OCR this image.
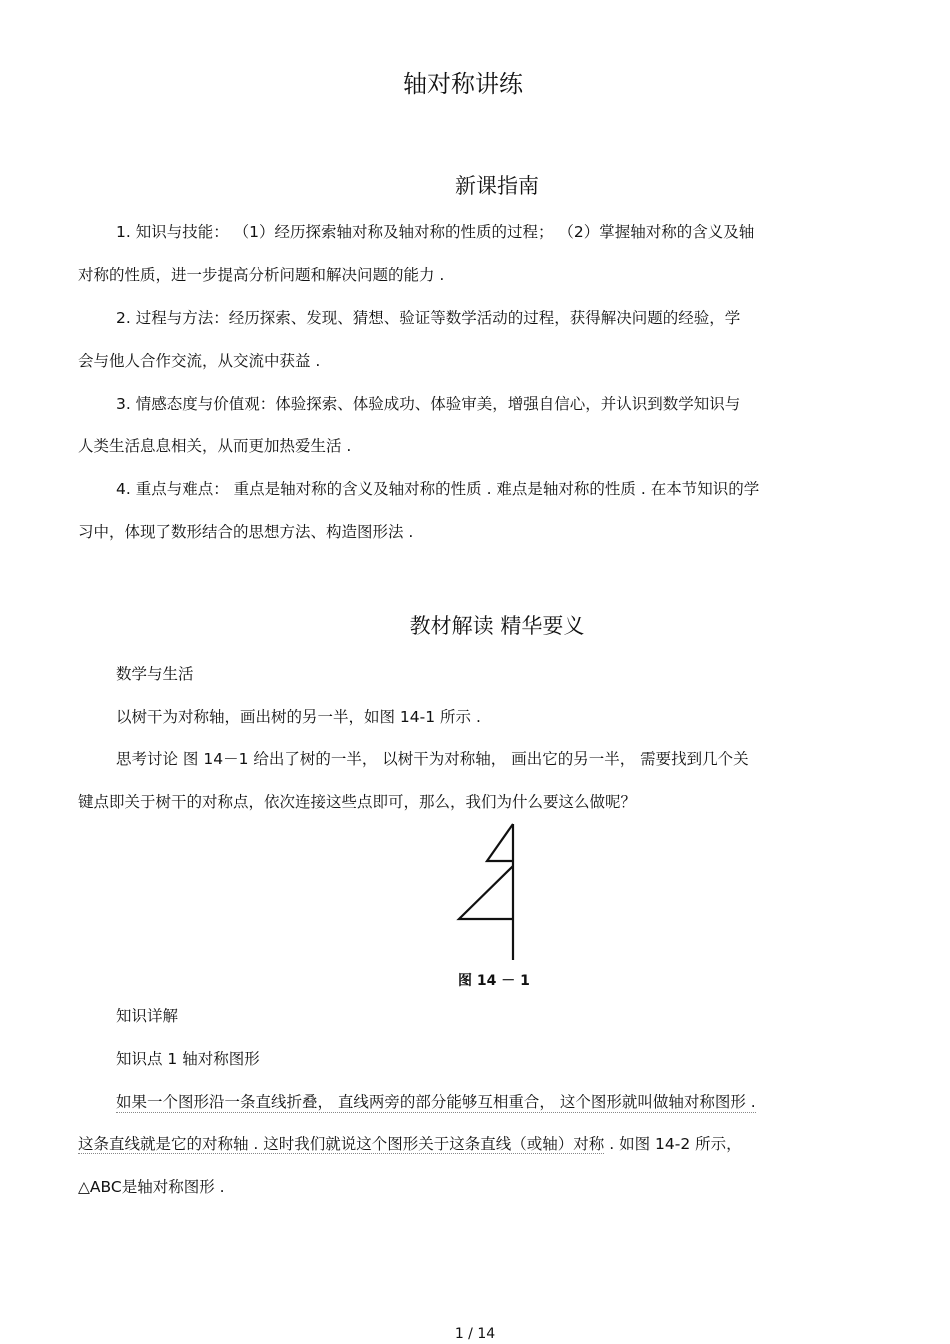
轴对称讲练
新课指南
1. 知识与技能： （1）经历探索轴对称及轴对称的性质的过程； （2）掌握轴对称的含义及轴
对称的性质，进一步提高分析问题和解决问题的能力 .
2. 过程与方法：经历探索、发现、猜想、验证等数学活动的过程，获得解决问题的经验，学
会与他人合作交流，从交流中获益 .
3. 情感态度与价值观：体验探索、体验成功、体验审美，增强自信心，并认识到数学知识与
人类生活息息相关，从而更加热爱生活 .
4. 重点与难点： 重点是轴对称的含义及轴对称的性质 . 难点是轴对称的性质 . 在本节知识的学
习中，体现了数形结合的思想方法、构造图形法 .
教材解读 精华要义
数学与生活
以树干为对称轴，画出树的另一半，如图 14-1 所示 .
思考讨论 图 14－1 给出了树的一半， 以树干为对称轴， 画出它的另一半， 需要找到几个关
键点即关于树干的对称点，依次连接这些点即可，那么，我们为什么要这么做呢？
图 14 － 1
知识详解
知识点 1 轴对称图形
如果一个图形沿一条直线折叠， 直线两旁的部分能够互相重合， 这个图形就叫做轴对称图形 .
这条直线就是它的对称轴 . 这时我们就说这个图形关于这条直线（或轴）对称 . 如图 14-2 所示，
△ABC是轴对称图形 .
1 / 14
